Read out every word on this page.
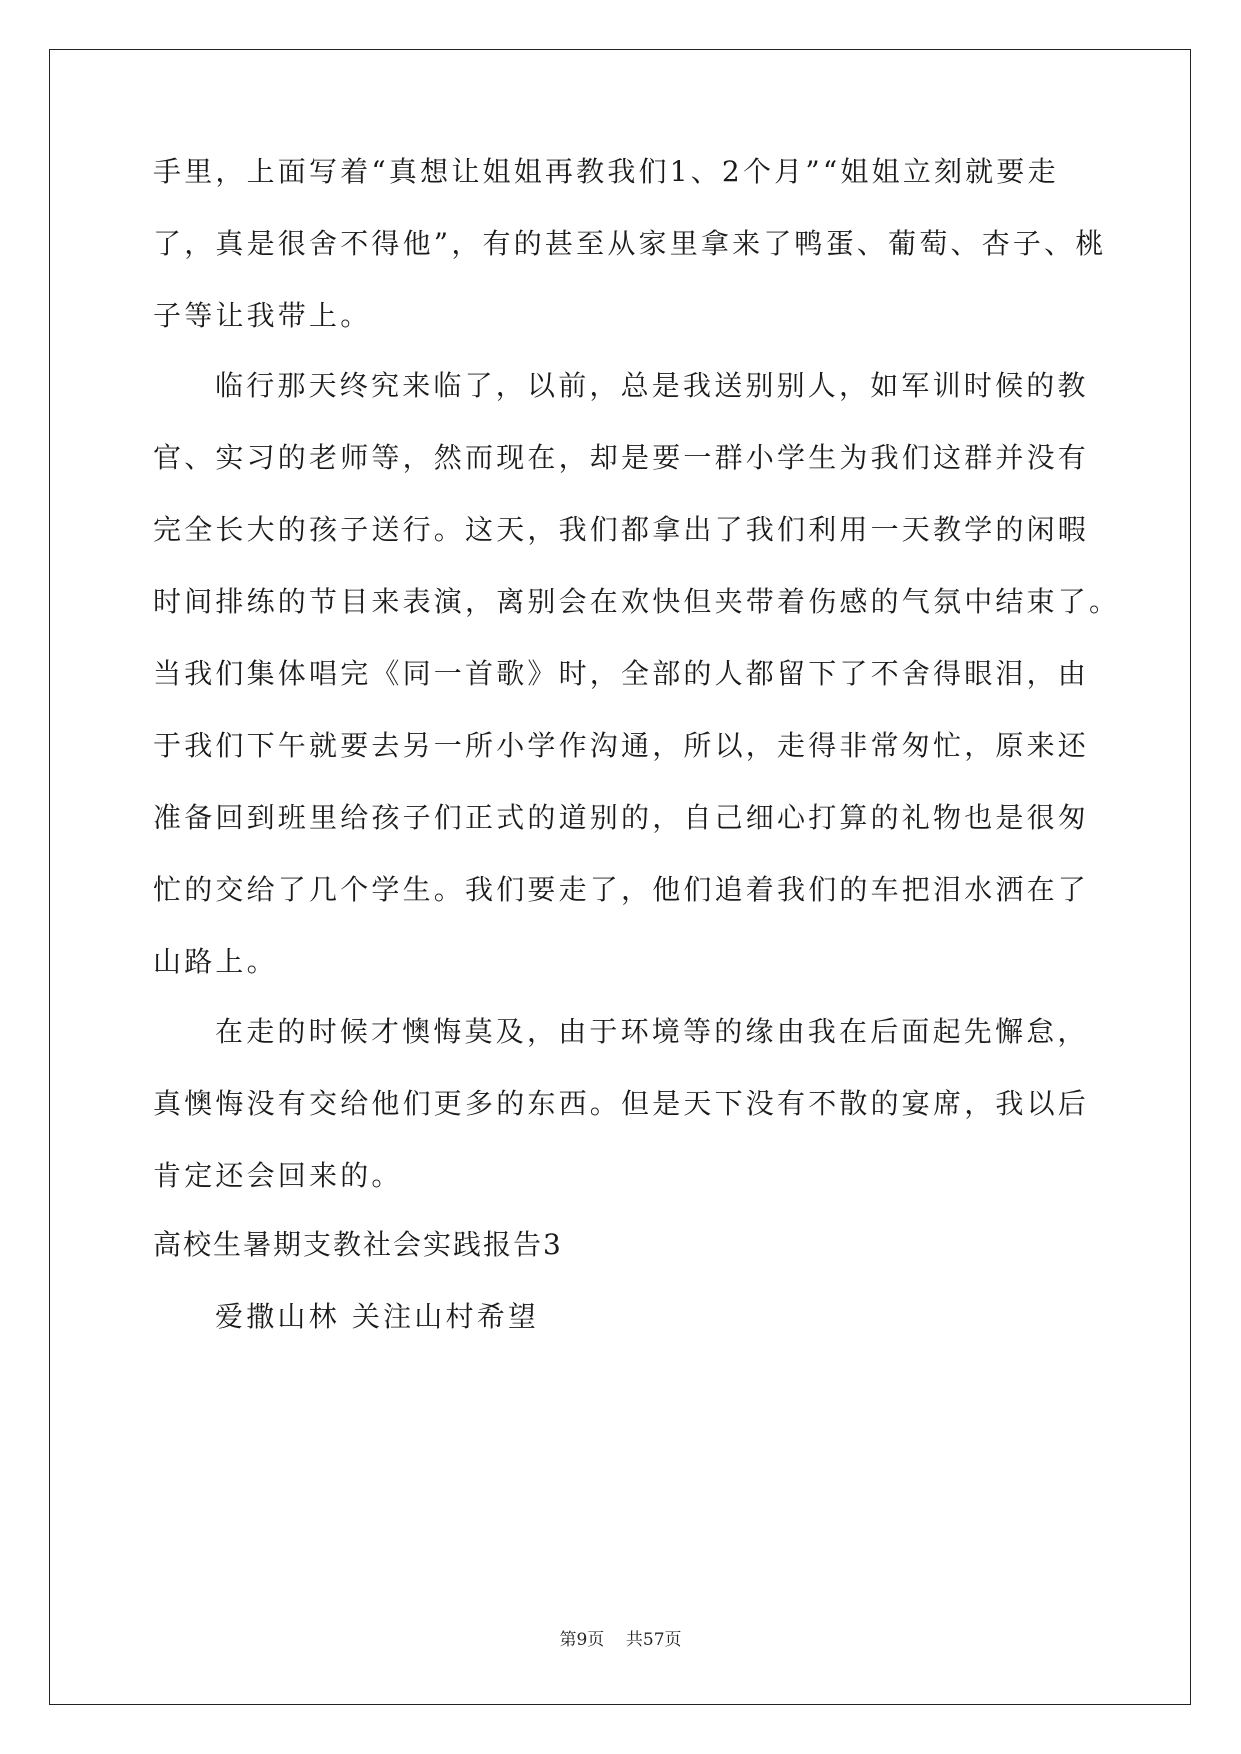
手里，上面写着“真想让姐姐再教我们1、2个月”“姐姐立刻就要走
了，真是很舍不得他”，有的甚至从家里拿来了鸭蛋、葡萄、杏子、桃
子等让我带上。
临行那天终究来临了，以前，总是我送别别人，如军训时候的教
官、实习的老师等，然而现在，却是要一群小学生为我们这群并没有
完全长大的孩子送行。这天，我们都拿出了我们利用一天教学的闲暇
时间排练的节目来表演，离别会在欢快但夹带着伤感的气氛中结束了。
当我们集体唱完《同一首歌》时，全部的人都留下了不舍得眼泪，由
于我们下午就要去另一所小学作沟通，所以，走得非常匆忙，原来还
准备回到班里给孩子们正式的道别的，自己细心打算的礼物也是很匆
忙的交给了几个学生。我们要走了，他们追着我们的车把泪水洒在了
山路上。
在走的时候才懊悔莫及，由于环境等的缘由我在后面起先懈怠，
真懊悔没有交给他们更多的东西。但是天下没有不散的宴席，我以后
肯定还会回来的。
高校生暑期支教社会实践报告3
爱撒山林 关注山村希望
第9页 共57页
